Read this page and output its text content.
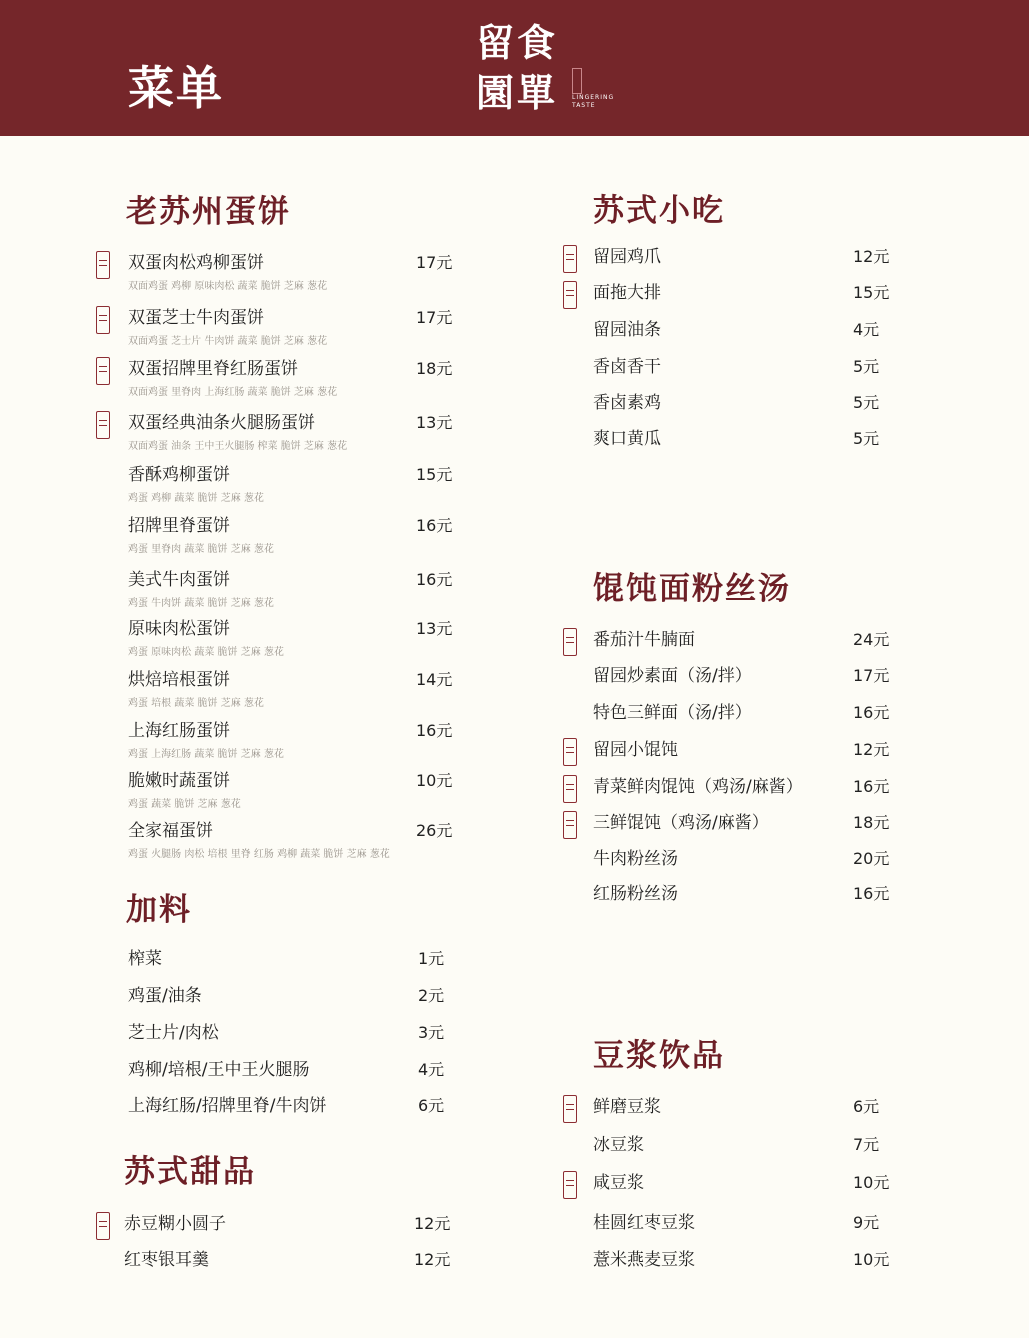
菜单
留食
園單	LINGERING
TASTE
老苏州蛋饼
双蛋肉松鸡柳蛋饼	17元
双面鸡蛋 鸡柳 原味肉松 蔬菜 脆饼 芝麻 葱花
双蛋芝士牛肉蛋饼	17元
双面鸡蛋 芝士片 牛肉饼 蔬菜 脆饼 芝麻 葱花
双蛋招牌里脊红肠蛋饼	18元
双面鸡蛋 里脊肉 上海红肠 蔬菜 脆饼 芝麻 葱花
双蛋经典油条火腿肠蛋饼	13元
双面鸡蛋 油条 王中王火腿肠 榨菜 脆饼 芝麻 葱花
香酥鸡柳蛋饼	15元
鸡蛋 鸡柳 蔬菜 脆饼 芝麻 葱花
招牌里脊蛋饼	16元
鸡蛋 里脊肉 蔬菜 脆饼 芝麻 葱花
美式牛肉蛋饼	16元
鸡蛋 牛肉饼 蔬菜 脆饼 芝麻 葱花
原味肉松蛋饼	13元
鸡蛋 原味肉松 蔬菜 脆饼 芝麻 葱花
烘焙培根蛋饼	14元
鸡蛋 培根 蔬菜 脆饼 芝麻 葱花
上海红肠蛋饼	16元
鸡蛋 上海红肠 蔬菜 脆饼 芝麻 葱花
脆嫩时蔬蛋饼	10元
鸡蛋 蔬菜 脆饼 芝麻 葱花
全家福蛋饼	26元
鸡蛋 火腿肠 肉松 培根 里脊 红肠 鸡柳 蔬菜 脆饼 芝麻 葱花
加料
榨菜	1元
鸡蛋/油条	2元
芝士片/肉松	3元
鸡柳/培根/王中王火腿肠	4元
上海红肠/招牌里脊/牛肉饼	6元
苏式甜品
赤豆糊小圆子	12元
红枣银耳羹	12元
苏式小吃
留园鸡爪	12元
面拖大排	15元
留园油条	4元
香卤香干	5元
香卤素鸡	5元
爽口黄瓜	5元
馄饨面粉丝汤
番茄汁牛腩面	24元
留园炒素面（汤/拌）	17元
特色三鲜面（汤/拌）	16元
留园小馄饨	12元
青菜鲜肉馄饨（鸡汤/麻酱）	16元
三鲜馄饨（鸡汤/麻酱）	18元
牛肉粉丝汤	20元
红肠粉丝汤	16元
豆浆饮品
鲜磨豆浆	6元
冰豆浆	7元
咸豆浆	10元
桂圆红枣豆浆	9元
薏米燕麦豆浆	10元
